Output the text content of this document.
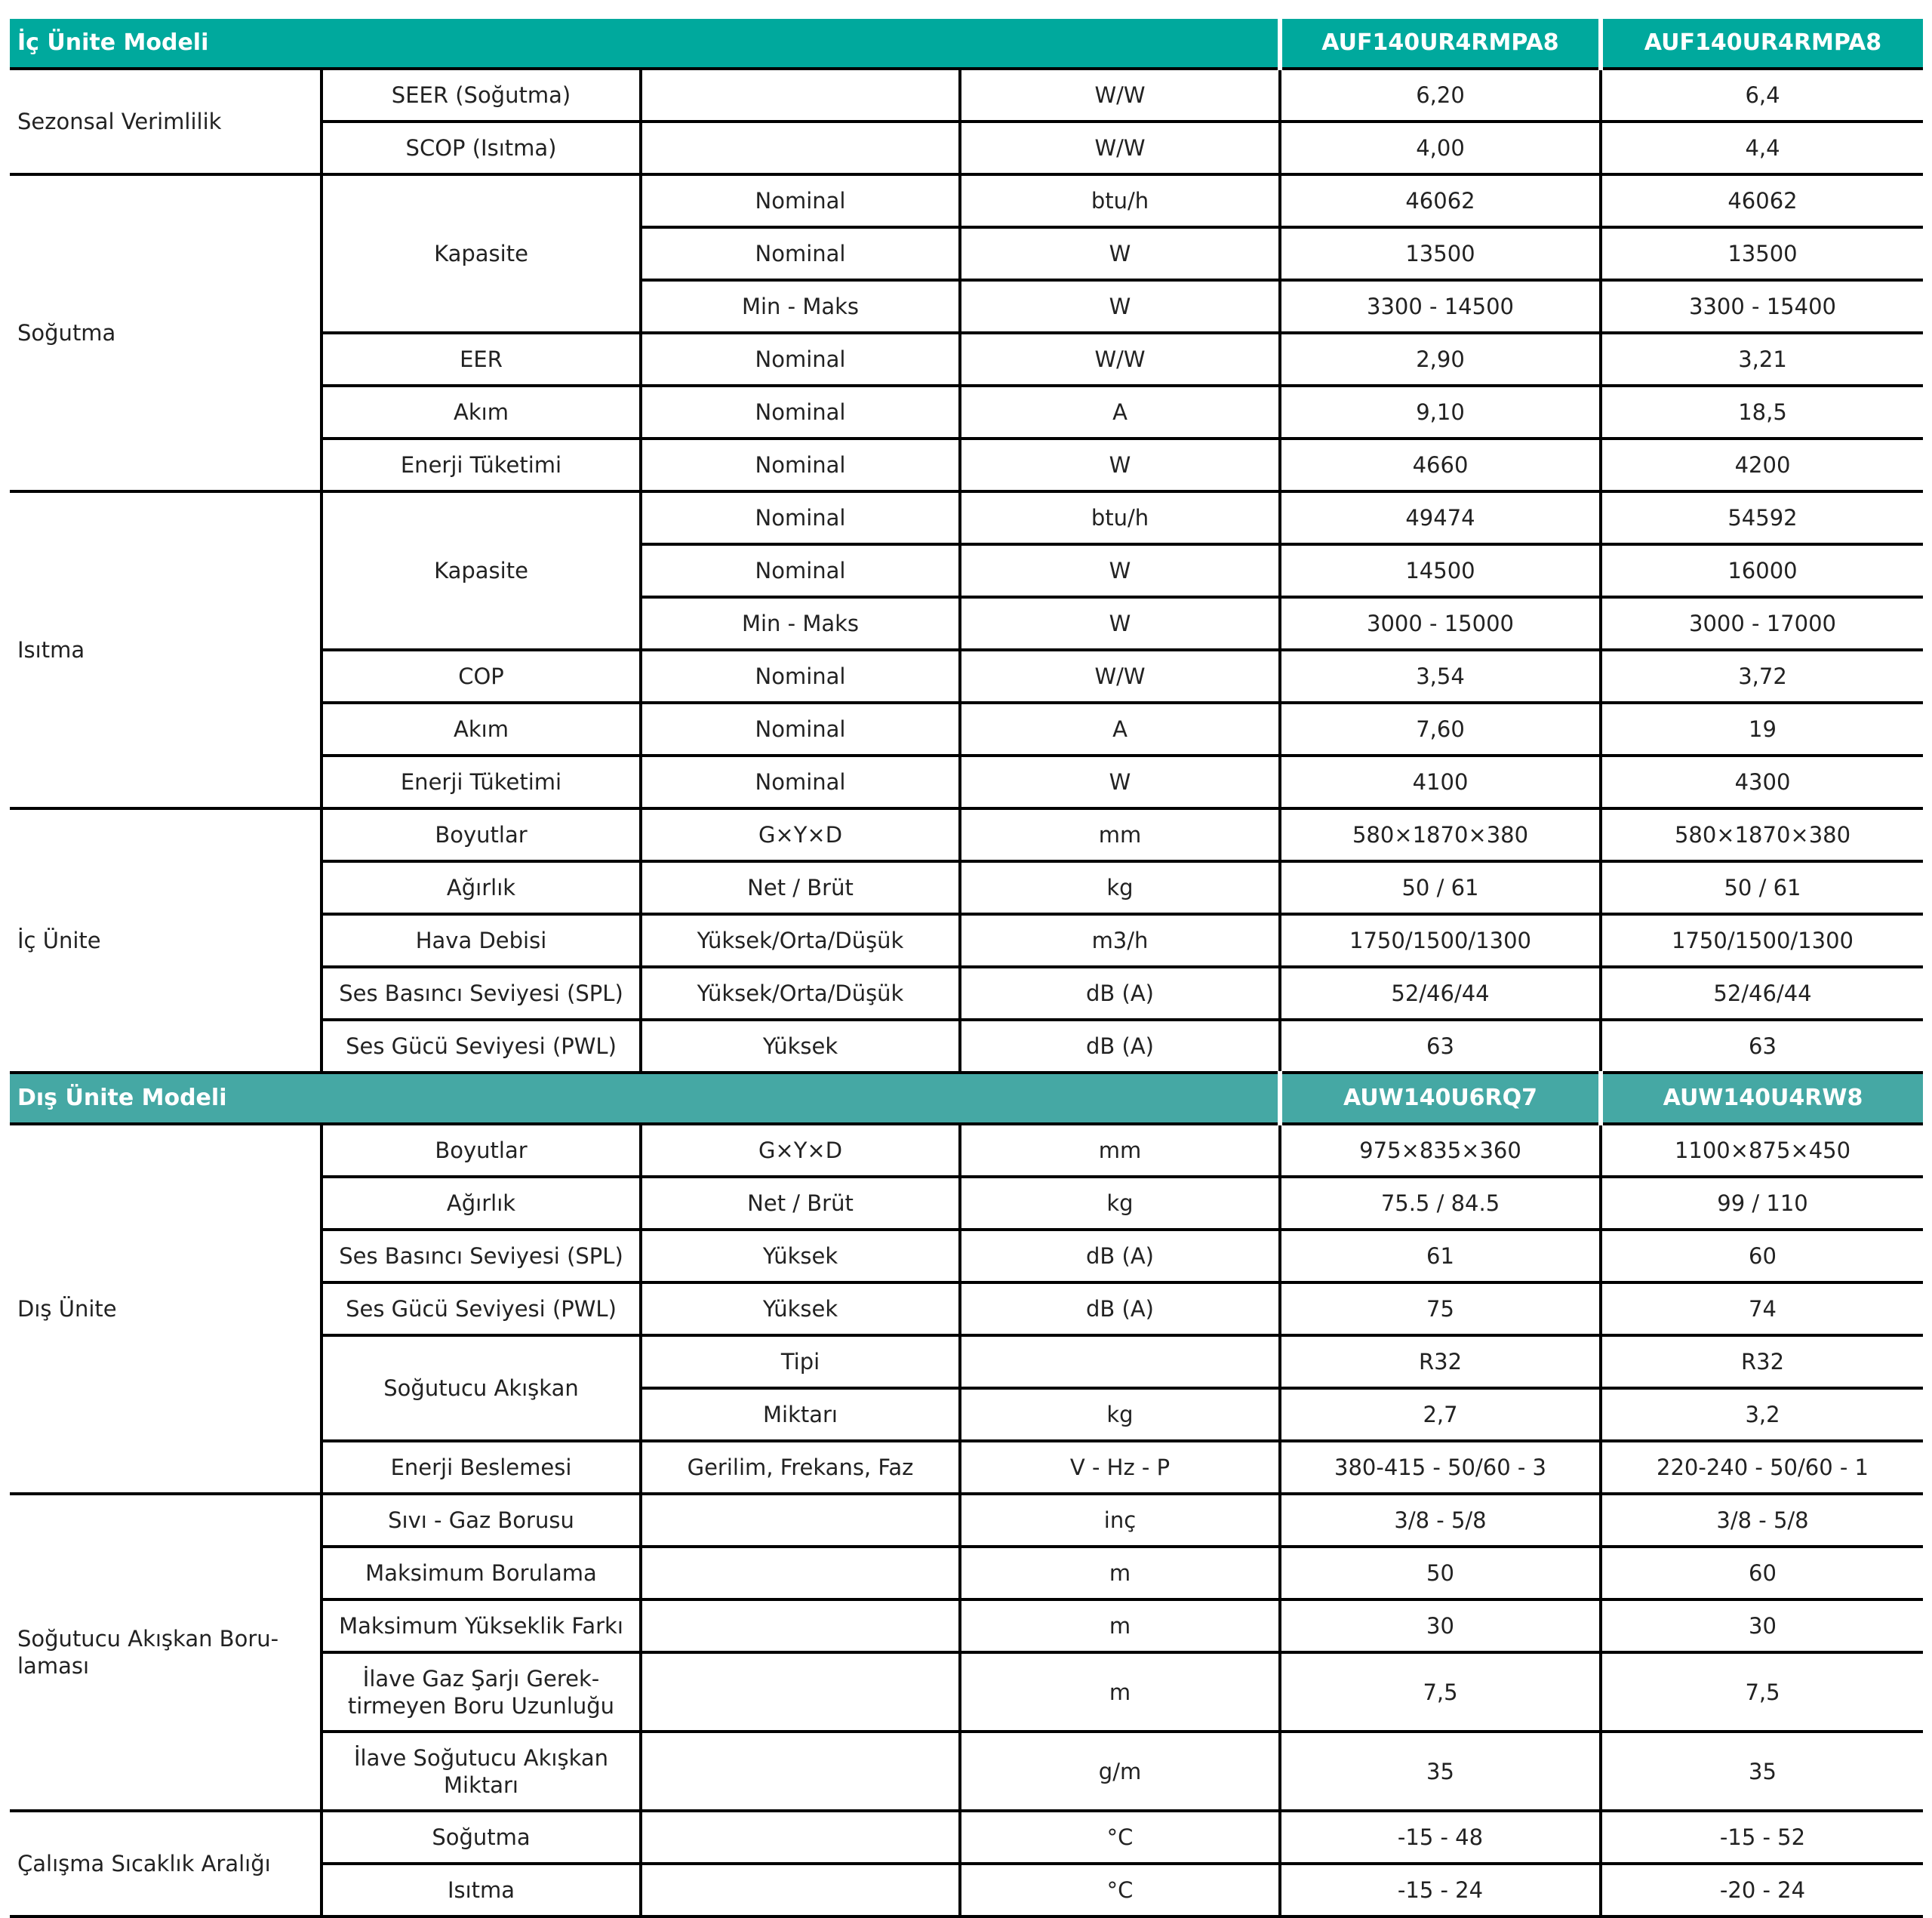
İç Ünite Modeli				AUF140UR4RMPA8	AUF140UR4RMPA8
Sezonsal Verimlilik	SEER (Soğutma)		W/W	6,20	6,4
	SCOP (Isıtma)		W/W	4,00	4,4
Soğutma	Kapasite	Nominal	btu/h	46062	46062
		Nominal	W	13500	13500
		Min - Maks	W	3300 - 14500	3300 - 15400
	EER	Nominal	W/W	2,90	3,21
	Akım	Nominal	A	9,10	18,5
	Enerji Tüketimi	Nominal	W	4660	4200
Isıtma	Kapasite	Nominal	btu/h	49474	54592
		Nominal	W	14500	16000
		Min - Maks	W	3000 - 15000	3000 - 17000
	COP	Nominal	W/W	3,54	3,72
	Akım	Nominal	A	7,60	19
	Enerji Tüketimi	Nominal	W	4100	4300
İç Ünite	Boyutlar	G×Y×D	mm	580×1870×380	580×1870×380
	Ağırlık	Net / Brüt	kg	50 / 61	50 / 61
	Hava Debisi	Yüksek/Orta/Düşük	m3/h	1750/1500/1300	1750/1500/1300
	Ses Basıncı Seviyesi (SPL)	Yüksek/Orta/Düşük	dB (A)	52/46/44	52/46/44
	Ses Gücü Seviyesi (PWL)	Yüksek	dB (A)	63	63
Dış Ünite Modeli				AUW140U6RQ7	AUW140U4RW8
Dış Ünite	Boyutlar	G×Y×D	mm	975×835×360	1100×875×450
	Ağırlık	Net / Brüt	kg	75.5 / 84.5	99 / 110
	Ses Basıncı Seviyesi (SPL)	Yüksek	dB (A)	61	60
	Ses Gücü Seviyesi (PWL)	Yüksek	dB (A)	75	74
	Soğutucu Akışkan	Tipi		R32	R32
		Miktarı	kg	2,7	3,2
	Enerji Beslemesi	Gerilim, Frekans, Faz	V - Hz - P	380-415 - 50/60 - 3	220-240 - 50/60 - 1
Soğutucu Akışkan Boru-
laması	Sıvı - Gaz Borusu		inç	3/8 - 5/8	3/8 - 5/8
	Maksimum Borulama		m	50	60
	Maksimum Yükseklik Farkı		m	30	30
	İlave Gaz Şarjı Gerek-
tirmeyen Boru Uzunluğu		m	7,5	7,5
	İlave Soğutucu Akışkan
Miktarı		g/m	35	35
Çalışma Sıcaklık Aralığı	Soğutma		°C	-15 - 48	-15 - 52
	Isıtma		°C	-15 - 24	-20 - 24
